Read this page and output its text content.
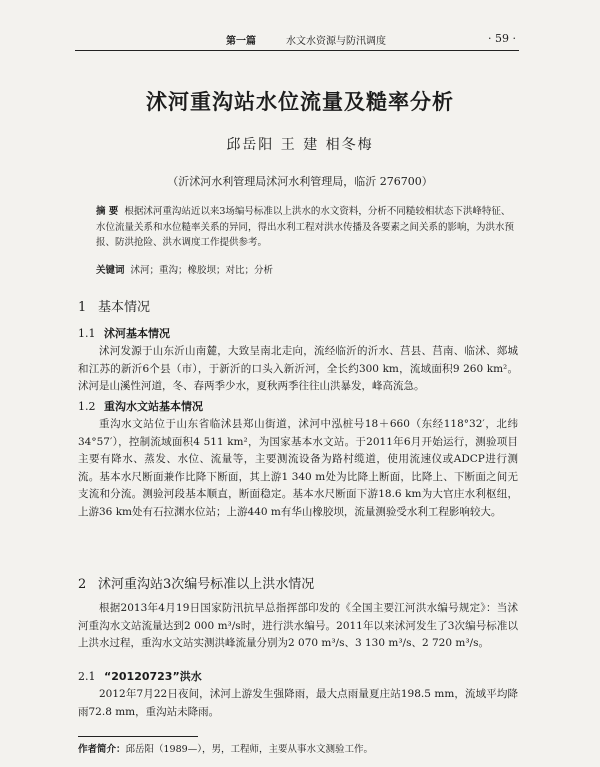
第一篇	水文水资源与防汛调度	· 59 ·
沭河重沟站水位流量及糙率分析
邱岳阳 王 建 相冬梅
（沂沭河水利管理局沭河水利管理局，临沂 276700）
摘 要 根据沭河重沟站近以来3场编号标准以上洪水的水文资料，分析不同糙较相状态下洪峰特征、水位流量关系和水位糙率关系的异同，得出水利工程对洪水传播及各要素之间关系的影响，为洪水预报、防洪抢险、洪水调度工作提供参考。
关键词 沭河；重沟；橡胶坝；对比；分析
1 基本情况
1.1 沭河基本情况
沭河发源于山东沂山南麓，大致呈南北走向，流经临沂的沂水、莒县、莒南、临沭、郯城和江苏的新沂6个县（市），于新沂的口头入新沂河，全长约300 km，流域面积9 260 km²。沭河是山溪性河道，冬、春两季少水，夏秋两季往往山洪暴发，峰高流急。
1.2 重沟水文站基本情况
重沟水文站位于山东省临沭县郑山街道，沭河中泓桩号18＋660（东经118°32′，北纬34°57′），控制流域面积4 511 km²，为国家基本水文站。于2011年6月开始运行，测验项目主要有降水、蒸发、水位、流量等，主要测流设备为路村缆道，使用流速仪或ADCP进行测流。基本水尺断面兼作比降下断面，其上游1 340 m处为比降上断面，比降上、下断面之间无支流和分流。测验河段基本顺直，断面稳定。基本水尺断面下游18.6 km为大官庄水利枢纽，上游36 km处有石拉渊水位站；上游440 m有华山橡胶坝，流量测验受水利工程影响较大。
2 沭河重沟站3次编号标准以上洪水情况
根据2013年4月19日国家防汛抗旱总指挥部印发的《全国主要江河洪水编号规定》：当沭河重沟水文站流量达到2 000 m³/s时，进行洪水编号。2011年以来沭河发生了3次编号标准以上洪水过程，重沟水文站实测洪峰流量分别为2 070 m³/s、3 130 m³/s、2 720 m³/s。
2.1 “20120723”洪水
2012年7月22日夜间，沭河上游发生强降雨，最大点雨量夏庄站198.5 mm，流域平均降雨72.8 mm，重沟站未降雨。
作者简介：邱岳阳（1989—），男，工程师，主要从事水文测验工作。
